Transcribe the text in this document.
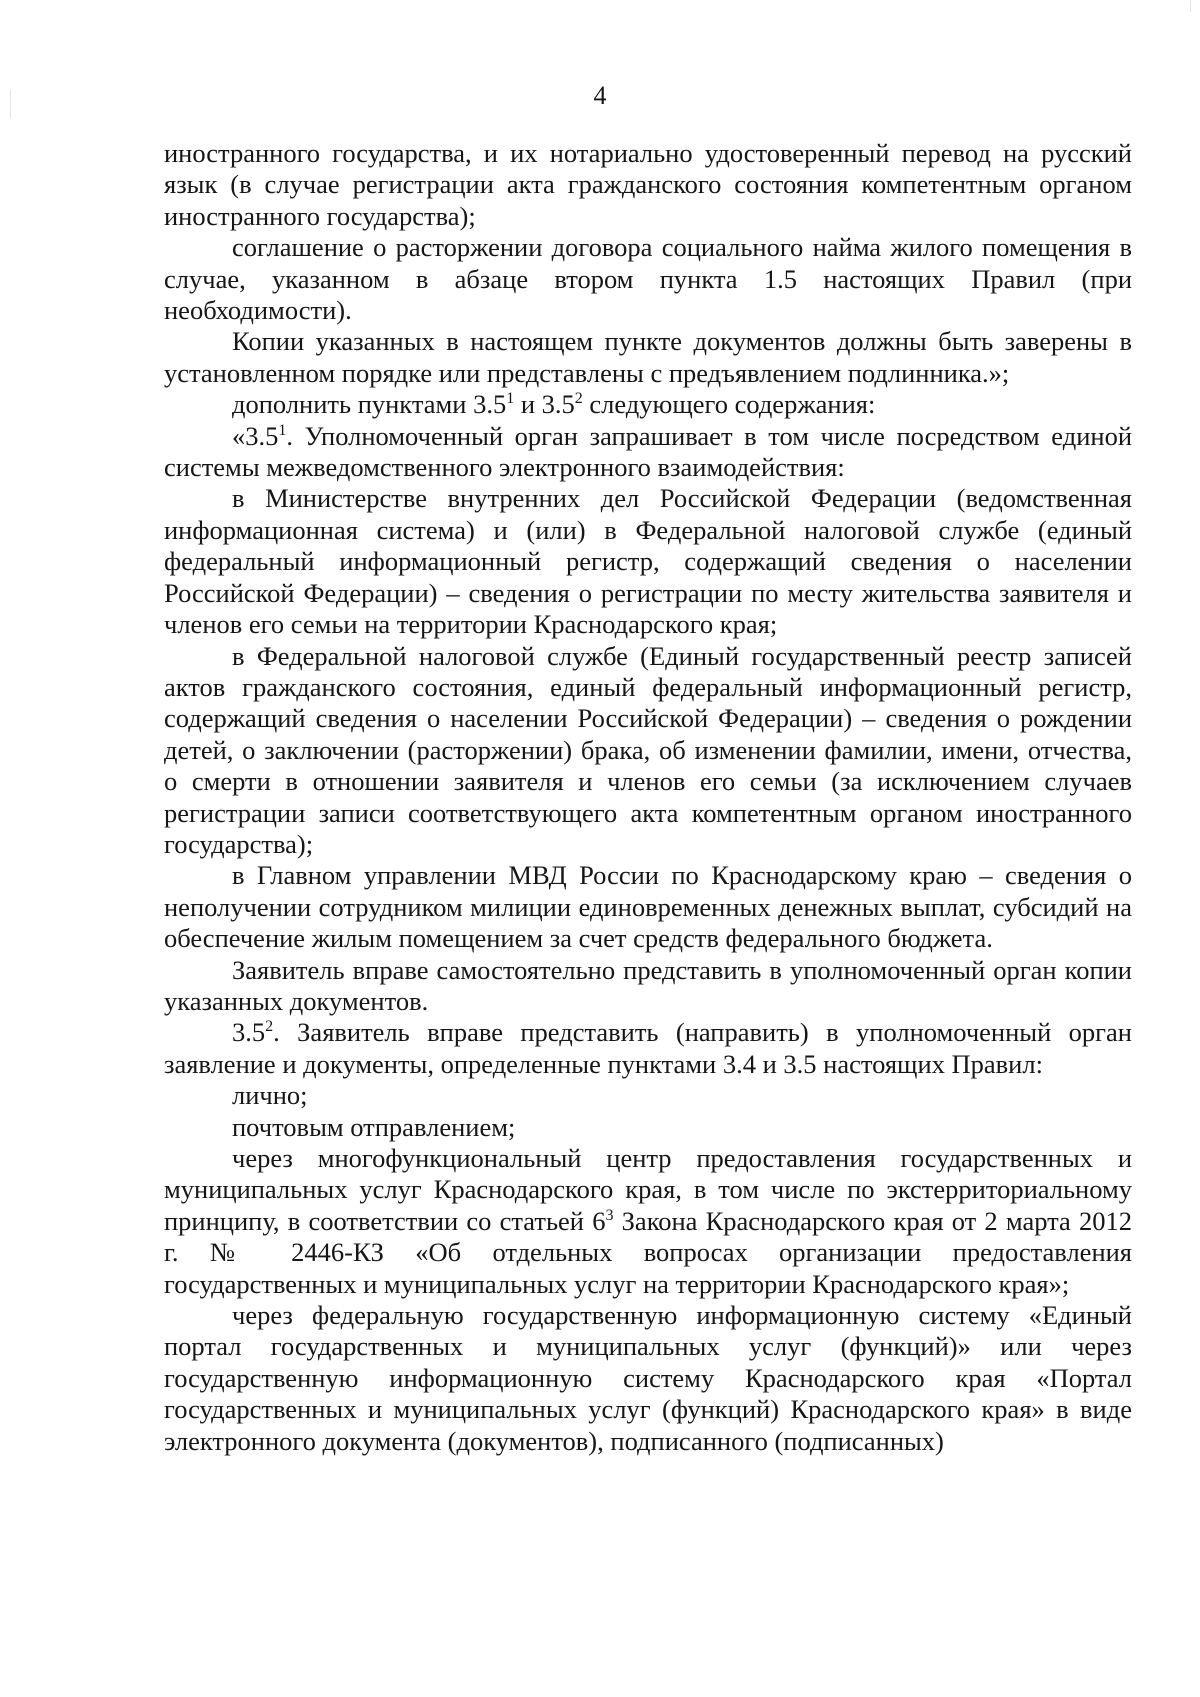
4

иностранного государства, и их нотариально удостоверенный перевод на русский язык (в случае регистрации акта гражданского состояния компетентным органом иностранного государства);

соглашение о расторжении договора социального найма жилого помещения в случае, указанном в абзаце втором пункта 1.5 настоящих Правил (при необходимости).

Копии указанных в настоящем пункте документов должны быть заверены в установленном порядке или представлены с предъявлением подлинника.»;

дополнить пунктами $3.5^1$ и $3.5^2$ следующего содержания:

«$3.5^1$. Уполномоченный орган запрашивает в том числе посредством единой системы межведомственного электронного взаимодействия:

в Министерстве внутренних дел Российской Федерации (ведомственная информационная система) и (или) в Федеральной налоговой службе (единый федеральный информационный регистр, содержащий сведения о населении Российской Федерации) – сведения о регистрации по месту жительства заявителя и членов его семьи на территории Краснодарского края;

в Федеральной налоговой службе (Единый государственный реестр записей актов гражданского состояния, единый федеральный информационный регистр, содержащий сведения о населении Российской Федерации) – сведения о рождении детей, о заключении (расторжении) брака, об изменении фамилии, имени, отчества, о смерти в отношении заявителя и членов его семьи (за исключением случаев регистрации записи соответствующего акта компетентным органом иностранного государства);

в Главном управлении МВД России по Краснодарскому краю – сведения о неполучении сотрудником милиции единовременных денежных выплат, субсидий на обеспечение жилым помещением за счет средств федерального бюджета.

Заявитель вправе самостоятельно представить в уполномоченный орган копии указанных документов.

$3.5^2$. Заявитель вправе представить (направить) в уполномоченный орган заявление и документы, определенные пунктами 3.4 и 3.5 настоящих Правил:

лично;

почтовым отправлением;

через многофункциональный центр предоставления государственных и муниципальных услуг Краснодарского края, в том числе по экстерриториальному принципу, в соответствии со статьей $6^3$ Закона Краснодарского края от 2 марта 2012 г. № 2446-КЗ «Об отдельных вопросах организации предоставления государственных и муниципальных услуг на территории Краснодарского края»;

через федеральную государственную информационную систему «Единый портал государственных и муниципальных услуг (функций)» или через государственную информационную систему Краснодарского края «Портал государственных и муниципальных услуг (функций) Краснодарского края» в виде электронного документа (документов), подписанного (подписанных)
